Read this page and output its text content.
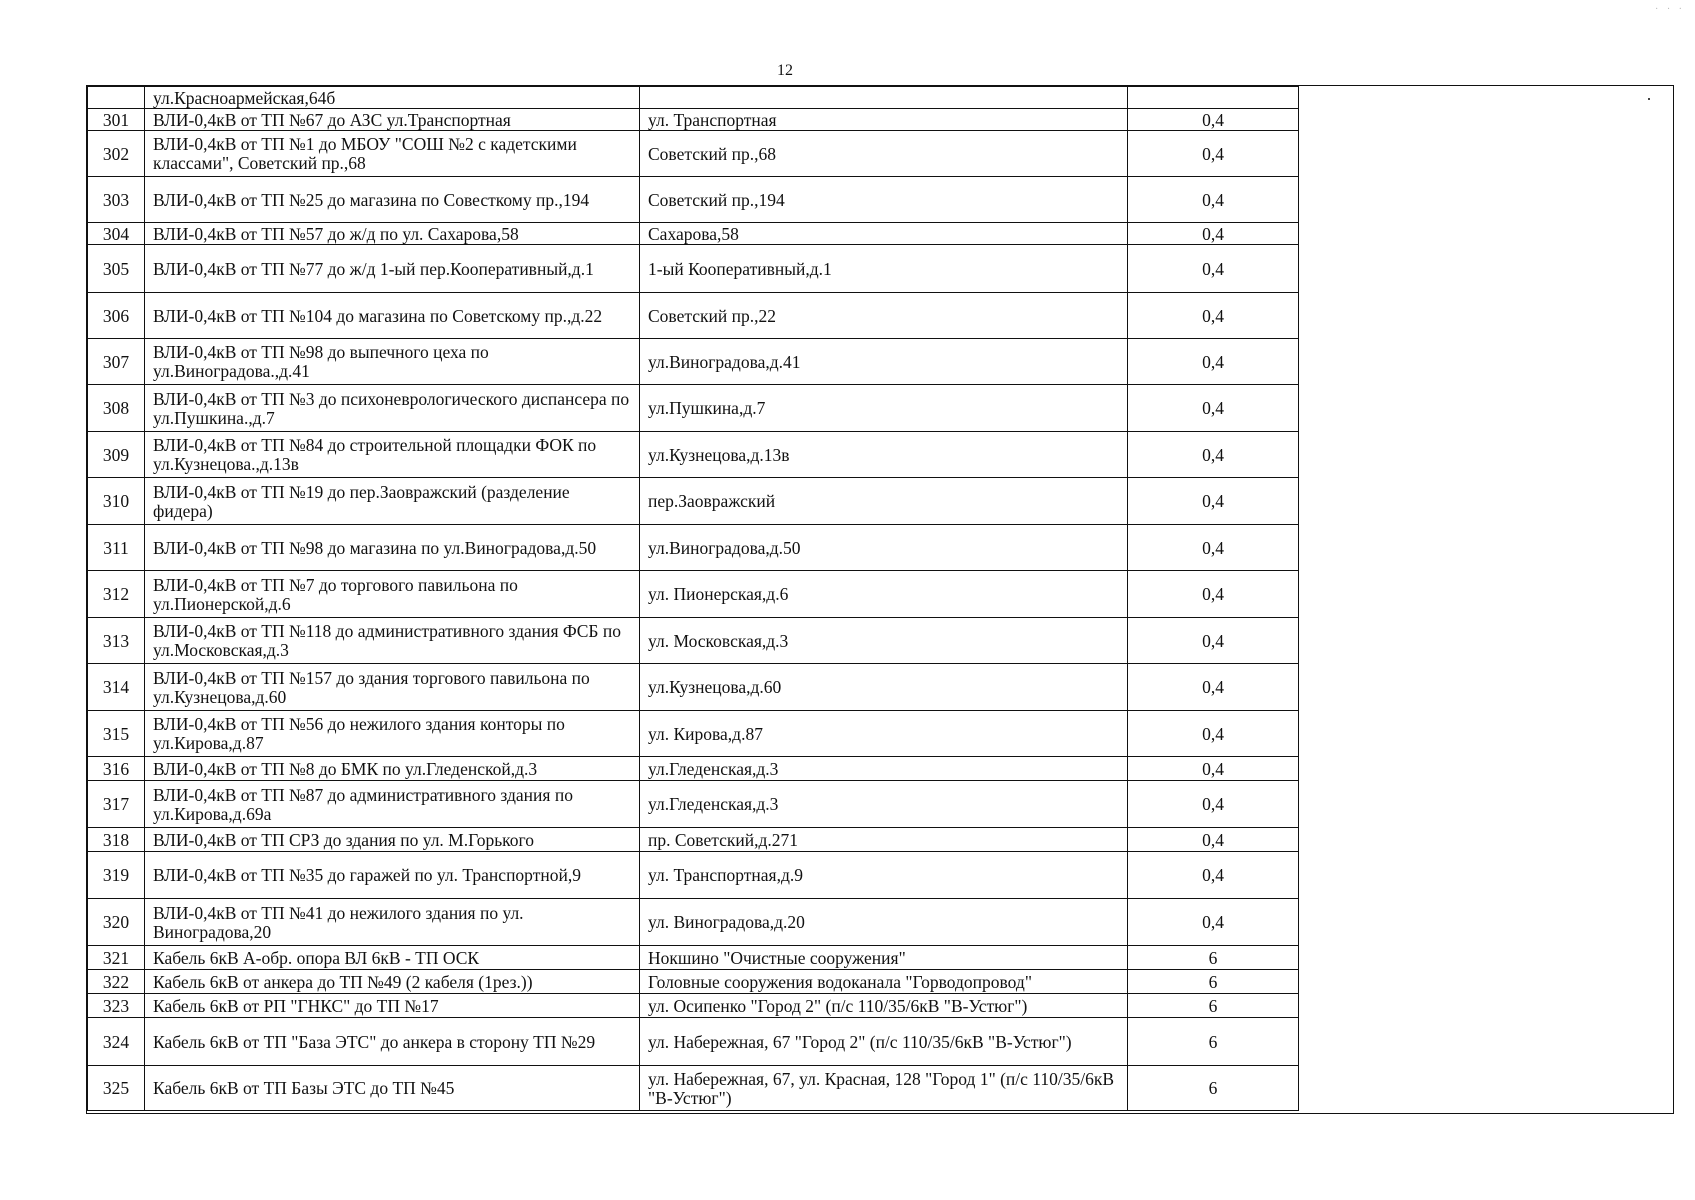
· · ·
12
	ул.Красноармейская,64б		
301	ВЛИ-0,4кВ от ТП №67 до АЗС ул.Транспортная	ул. Транспортная	0,4
302	ВЛИ-0,4кВ от ТП №1 до МБОУ "СОШ №2 с кадетскими классами", Советский пр.,68	Советский пр.,68	0,4
303	ВЛИ-0,4кВ от ТП №25 до магазина по Совесткому пр.,194	Советский пр.,194	0,4
304	ВЛИ-0,4кВ от ТП №57 до ж/д по ул. Сахарова,58	Сахарова,58	0,4
305	ВЛИ-0,4кВ от ТП №77 до ж/д 1-ый пер.Кооперативный,д.1	1-ый Кооперативный,д.1	0,4
306	ВЛИ-0,4кВ от ТП №104 до магазина по Советскому пр.,д.22	Советский пр.,22	0,4
307	ВЛИ-0,4кВ от ТП №98 до выпечного цеха по ул.Виноградова.,д.41	ул.Виноградова,д.41	0,4
308	ВЛИ-0,4кВ от ТП №3 до психоневрологического диспансера по ул.Пушкина.,д.7	ул.Пушкина,д.7	0,4
309	ВЛИ-0,4кВ от ТП №84 до строительной площадки ФОК по ул.Кузнецова.,д.13в	ул.Кузнецова,д.13в	0,4
310	ВЛИ-0,4кВ от ТП №19 до пер.Заовражский (разделение фидера)	пер.Заовражский	0,4
311	ВЛИ-0,4кВ от ТП №98 до магазина по ул.Виноградова,д.50	ул.Виноградова,д.50	0,4
312	ВЛИ-0,4кВ от ТП №7 до торгового павильона по ул.Пионерской,д.6	ул. Пионерская,д.6	0,4
313	ВЛИ-0,4кВ от ТП №118 до административного здания ФСБ по ул.Московская,д.3	ул. Московская,д.3	0,4
314	ВЛИ-0,4кВ от ТП №157 до здания торгового павильона по ул.Кузнецова,д.60	ул.Кузнецова,д.60	0,4
315	ВЛИ-0,4кВ от ТП №56 до нежилого здания конторы по ул.Кирова,д.87	ул. Кирова,д.87	0,4
316	ВЛИ-0,4кВ от ТП №8 до БМК по ул.Гледенской,д.3	ул.Гледенская,д.3	0,4
317	ВЛИ-0,4кВ от ТП №87 до административного здания по ул.Кирова,д.69а	ул.Гледенская,д.3	0,4
318	ВЛИ-0,4кВ от ТП СРЗ до здания по ул. М.Горького	пр. Советский,д.271	0,4
319	ВЛИ-0,4кВ от ТП №35 до гаражей по ул. Транспортной,9	ул. Транспортная,д.9	0,4
320	ВЛИ-0,4кВ от ТП №41 до нежилого здания по ул. Виноградова,20	ул. Виноградова,д.20	0,4
321	Кабель 6кВ А-обр. опора ВЛ 6кВ - ТП ОСК	Нокшино "Очистные сооружения"	6
322	Кабель 6кВ от анкера до ТП №49 (2 кабеля (1рез.))	Головные сооружения водоканала "Горводопровод"	6
323	Кабель 6кВ от РП "ГНКС" до ТП №17	ул. Осипенко "Город 2" (п/с 110/35/6кВ "В-Устюг")	6
324	Кабель 6кВ от ТП "База ЭТС" до анкера в сторону ТП №29	ул. Набережная, 67 "Город 2" (п/с 110/35/6кВ "В-Устюг")	6
325	Кабель 6кВ от ТП Базы ЭТС до ТП №45	ул. Набережная, 67, ул. Красная, 128 "Город 1" (п/с 110/35/6кВ "В-Устюг")	6
